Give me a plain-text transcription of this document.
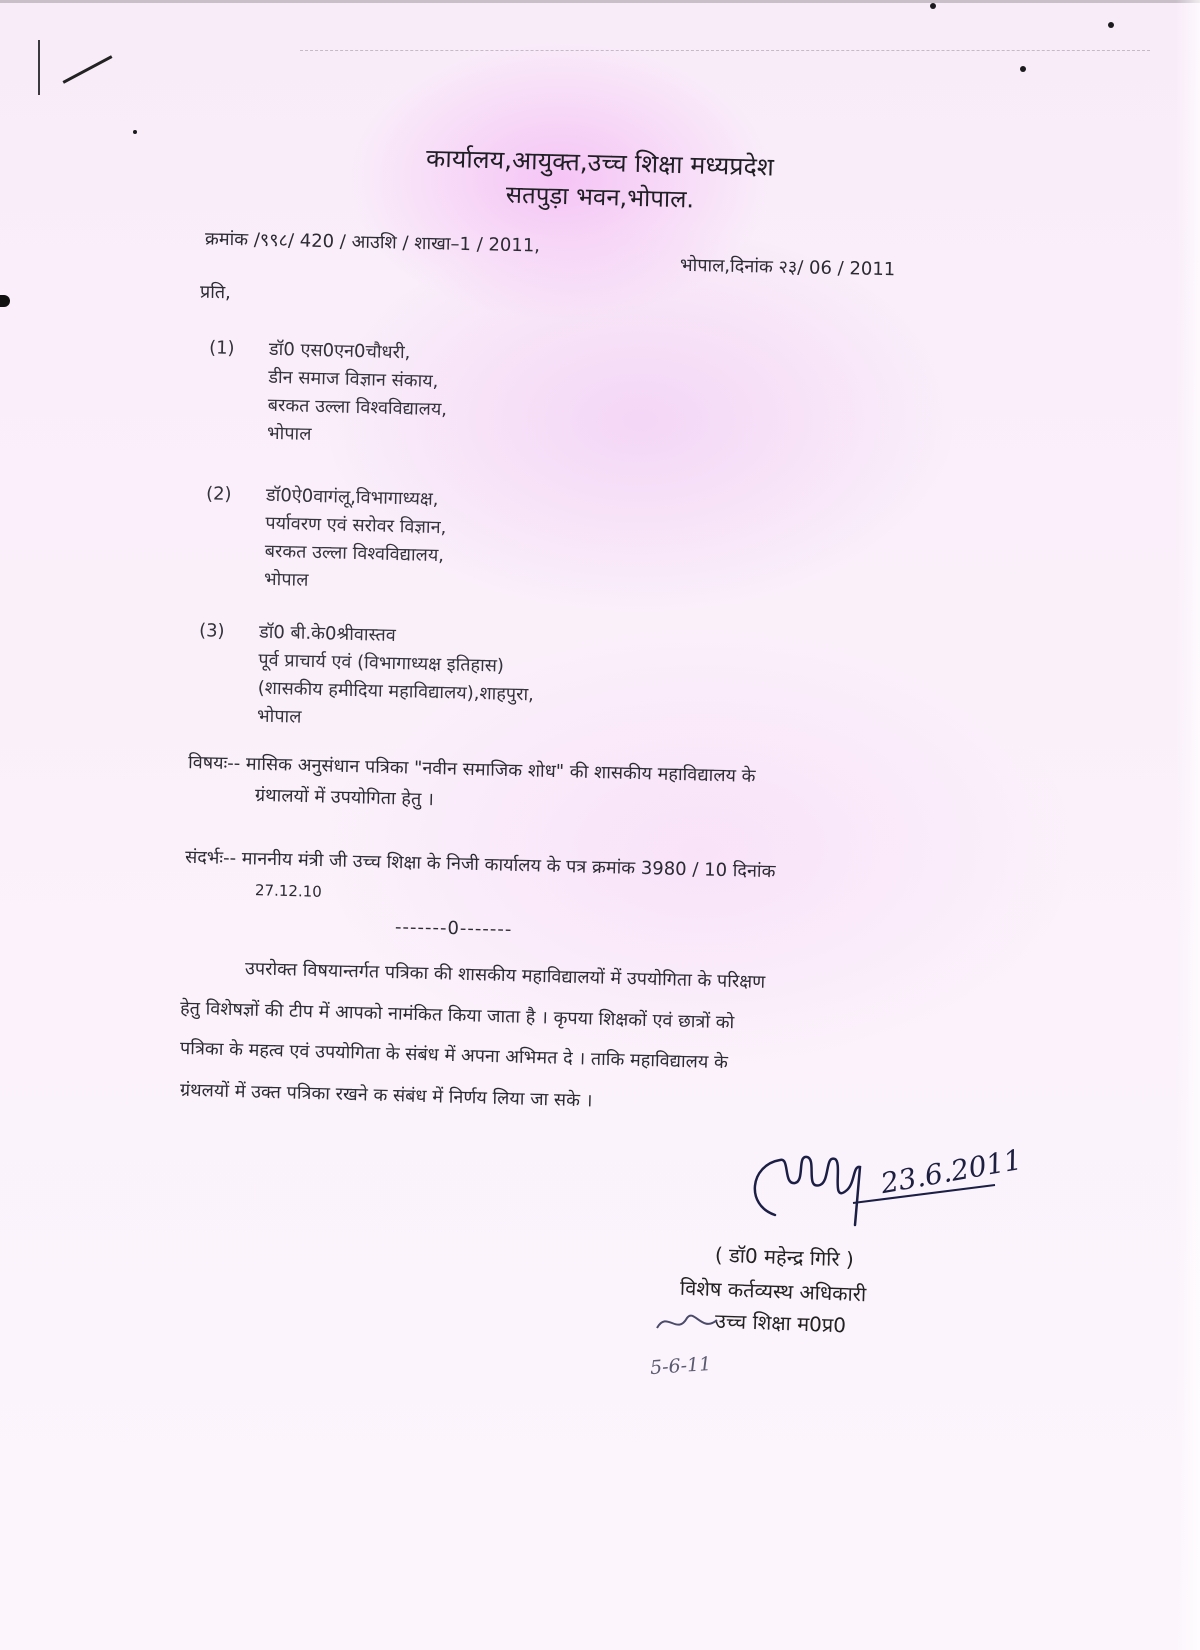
कार्यालय,आयुक्त,उच्च शिक्षा मध्यप्रदेश
सतपुड़ा भवन,भोपाल.
क्रमांक /९९८/ 420 / आउशि / शाखा–1 / 2011,
भोपाल,दिनांक २३/ 06 / 2011
प्रति,
(1) डॉ0 एस0एन0चौधरी,
डीन समाज विज्ञान संकाय,
बरकत उल्ला विश्वविद्यालय,
भोपाल
(2) डॉ0ऐ0वागंलू,विभागाध्यक्ष,
पर्यावरण एवं सरोवर विज्ञान,
बरकत उल्ला विश्वविद्यालय,
भोपाल
(3) डॉ0 बी.के0श्रीवास्तव
पूर्व प्राचार्य एवं (विभागाध्यक्ष इतिहास)
(शासकीय हमीदिया महाविद्यालय),शाहपुरा,
भोपाल
विषयः-- मासिक अनुसंधान पत्रिका "नवीन समाजिक शोध" की शासकीय महाविद्यालय के
ग्रंथालयों में उपयोगिता हेतु ।
संदर्भः-- माननीय मंत्री जी उच्च शिक्षा के निजी कार्यालय के पत्र क्रमांक 3980 / 10 दिनांक
27.12.10
-------0-------
उपरोक्त विषयान्तर्गत पत्रिका की शासकीय महाविद्यालयों में उपयोगिता के परिक्षण
हेतु विशेषज्ञों की टीप में आपको नामंकित किया जाता है । कृपया शिक्षकों एवं छात्रों को
पत्रिका के महत्व एवं उपयोगिता के संबंध में अपना अभिमत दे । ताकि महाविद्यालय के
ग्रंथलयों में उक्त पत्रिका रखने क संबंध में निर्णय लिया जा सके ।
23.6.2011
( डॉ0 महेन्द्र गिरि )
विशेष कर्तव्यस्थ अधिकारी
उच्च शिक्षा म0प्र0
5-6-11
